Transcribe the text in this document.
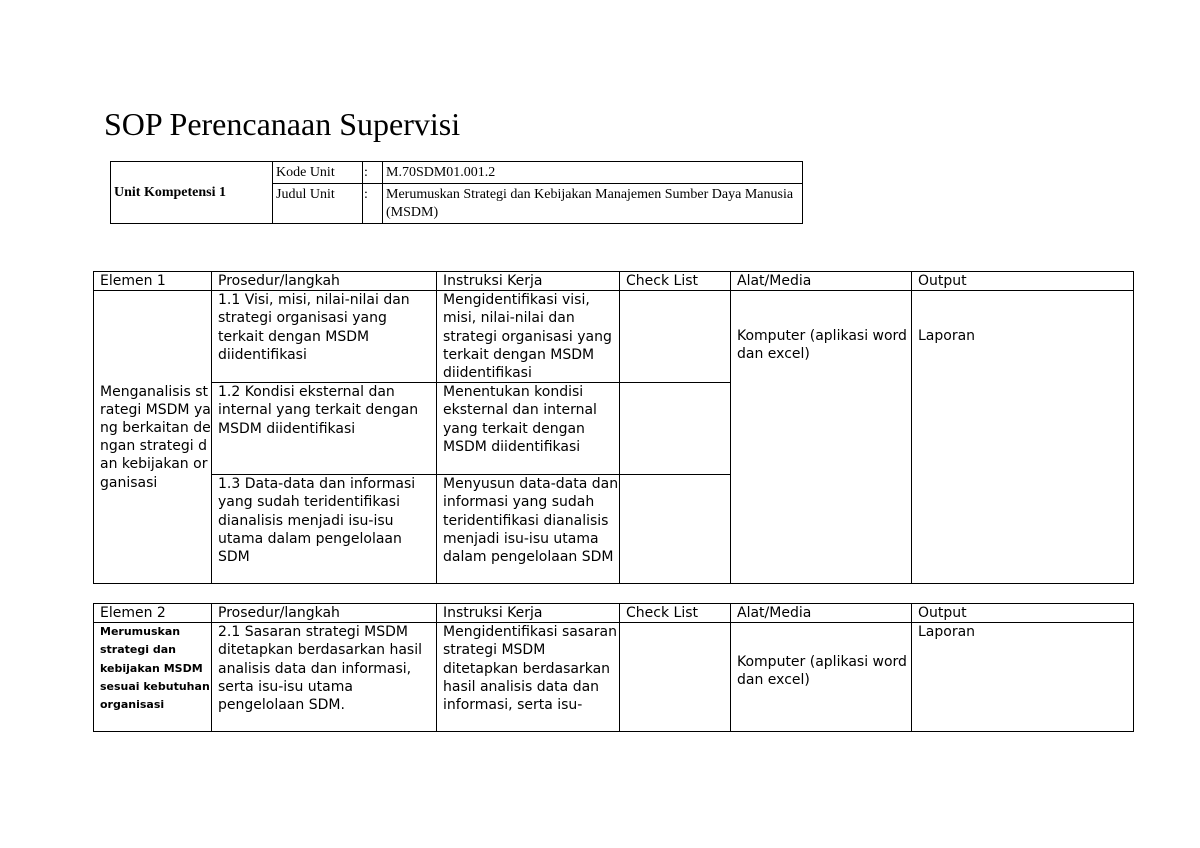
SOP Perencanaan Supervisi
Unit Kompetensi 1	Kode Unit	:	M.70SDM01.001.2
	Judul Unit	:	Merumuskan Strategi dan Kebijakan Manajemen Sumber Daya Manusia (MSDM)
Elemen 1	Prosedur/langkah	Instruksi Kerja	Check List	Alat/Media	Output
Menganalisis strategi MSDM yang berkaitan dengan strategi dan kebijakan organisasi	1.1 Visi, misi, nilai-nilai dan strategi organisasi yang terkait dengan MSDM diidentifikasi	Mengidentifikasi visi, misi, nilai-nilai dan strategi organisasi yang terkait dengan MSDM diidentifikasi		Komputer (aplikasi word dan excel)	Laporan
	1.2 Kondisi eksternal dan internal yang terkait dengan MSDM diidentifikasi	Menentukan kondisi eksternal dan internal yang terkait dengan MSDM diidentifikasi			
	1.3 Data-data dan informasi yang sudah teridentifikasi dianalisis menjadi isu-isu utama dalam pengelolaan SDM	Menyusun data-data dan informasi yang sudah teridentifikasi dianalisis menjadi isu-isu utama dalam pengelolaan SDM			
Elemen 2	Prosedur/langkah	Instruksi Kerja	Check List	Alat/Media	Output
Merumuskan strategi dan kebijakan MSDM sesuai kebutuhan organisasi	2.1 Sasaran strategi MSDM ditetapkan berdasarkan hasil analisis data dan informasi, serta isu-isu utama pengelolaan SDM.	Mengidentifikasi sasaran strategi MSDM ditetapkan berdasarkan hasil analisis data dan informasi, serta isu-		Komputer (aplikasi word dan excel)	Laporan
